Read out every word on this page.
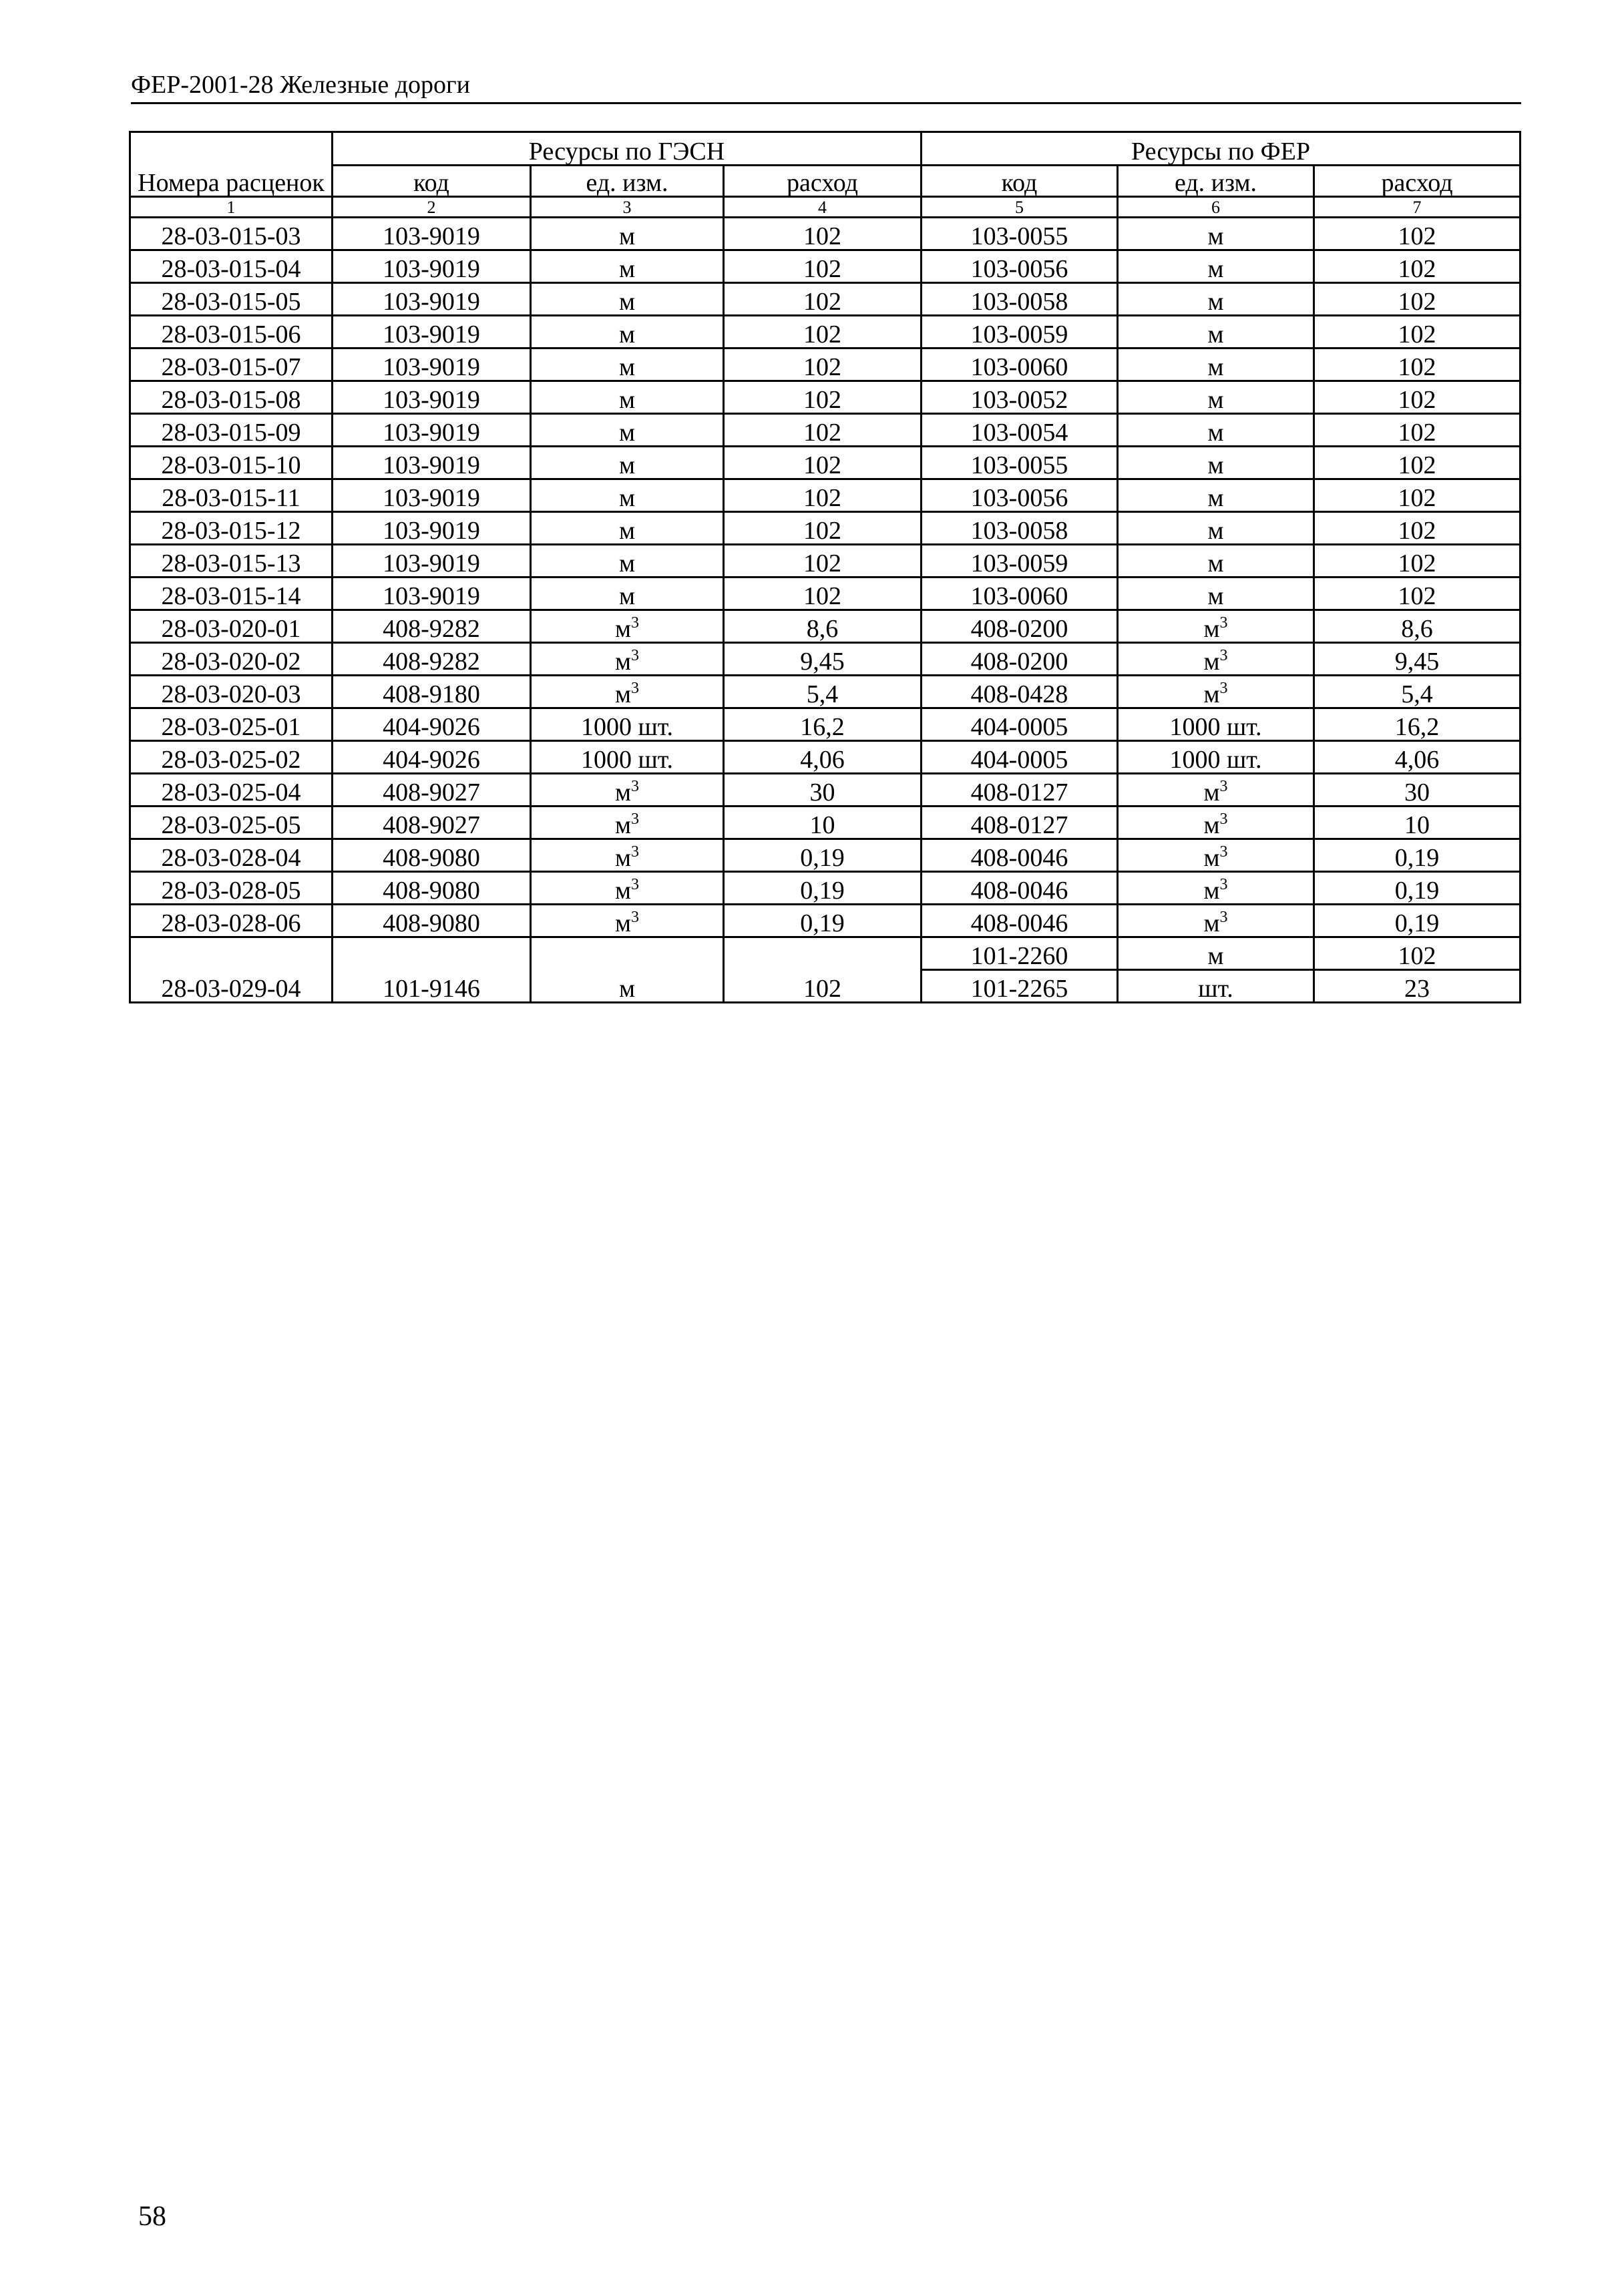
ФЕР-2001-28 Железные дороги
Номера расценок	Ресурсы по ГЭСН			Ресурсы по ФЕР		
	код	ед. изм.	расход	код	ед. изм.	расход
1	2	3	4	5	6	7
28-03-015-03	103-9019	м	102	103-0055	м	102
28-03-015-04	103-9019	м	102	103-0056	м	102
28-03-015-05	103-9019	м	102	103-0058	м	102
28-03-015-06	103-9019	м	102	103-0059	м	102
28-03-015-07	103-9019	м	102	103-0060	м	102
28-03-015-08	103-9019	м	102	103-0052	м	102
28-03-015-09	103-9019	м	102	103-0054	м	102
28-03-015-10	103-9019	м	102	103-0055	м	102
28-03-015-11	103-9019	м	102	103-0056	м	102
28-03-015-12	103-9019	м	102	103-0058	м	102
28-03-015-13	103-9019	м	102	103-0059	м	102
28-03-015-14	103-9019	м	102	103-0060	м	102
28-03-020-01	408-9282	$м^3$	8,6	408-0200	$м^3$	8,6
28-03-020-02	408-9282	$м^3$	9,45	408-0200	$м^3$	9,45
28-03-020-03	408-9180	$м^3$	5,4	408-0428	$м^3$	5,4
28-03-025-01	404-9026	1000 шт.	16,2	404-0005	1000 шт.	16,2
28-03-025-02	404-9026	1000 шт.	4,06	404-0005	1000 шт.	4,06
28-03-025-04	408-9027	$м^3$	30	408-0127	$м^3$	30
28-03-025-05	408-9027	$м^3$	10	408-0127	$м^3$	10
28-03-028-04	408-9080	$м^3$	0,19	408-0046	$м^3$	0,19
28-03-028-05	408-9080	$м^3$	0,19	408-0046	$м^3$	0,19
28-03-028-06	408-9080	$м^3$	0,19	408-0046	$м^3$	0,19
28-03-029-04	101-9146	м	102	101-2260	м	102
				101-2265	шт.	23
58
